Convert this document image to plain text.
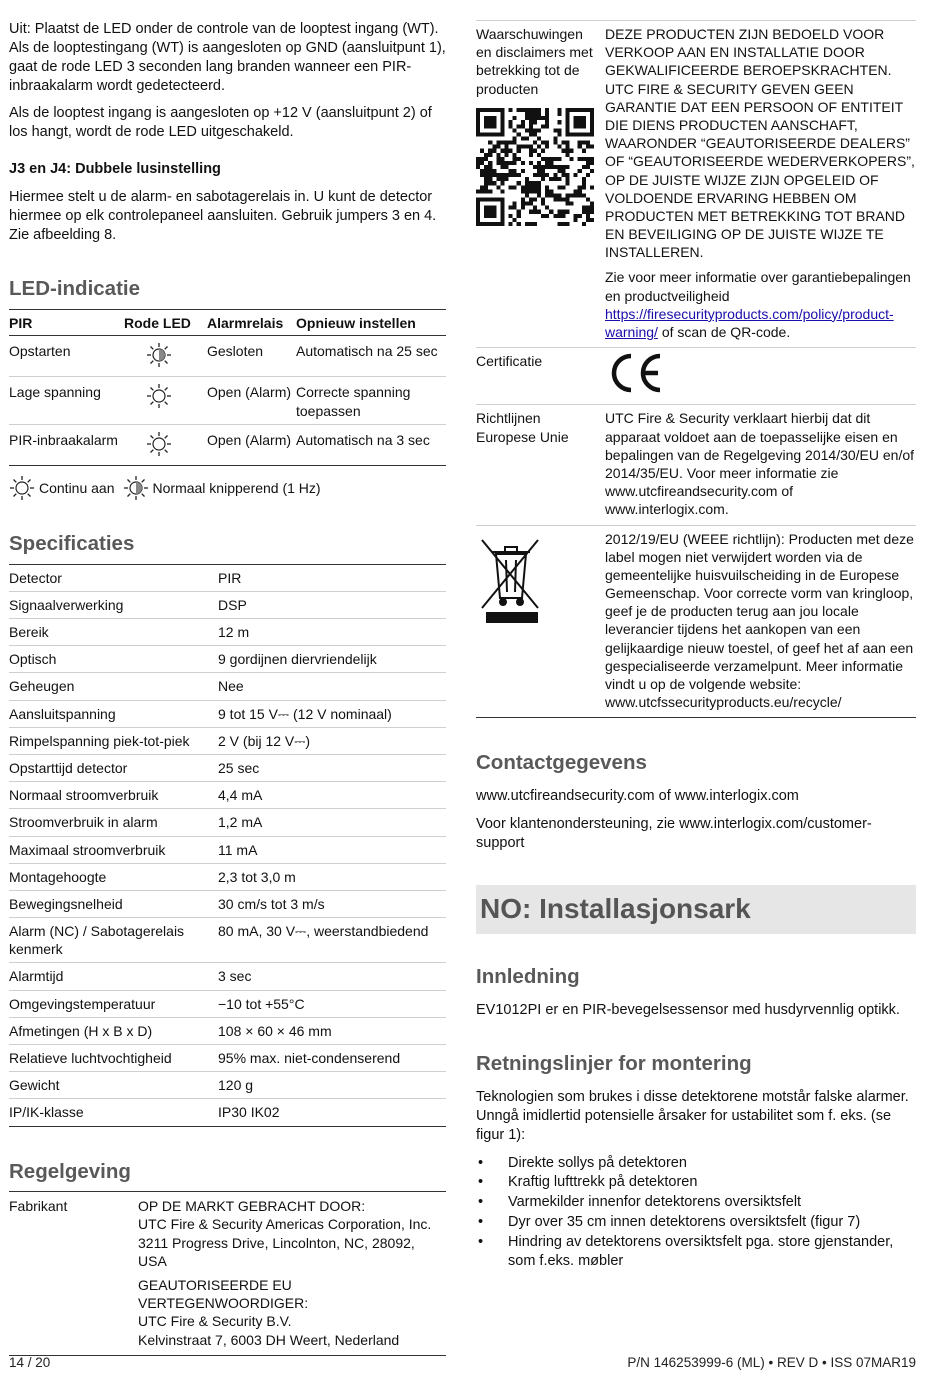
Uit: Plaatst de LED onder de controle van de looptest ingang (WT). Als de looptestingang (WT) is aangesloten op GND (aansluitpunt 1), gaat de rode LED 3 seconden lang branden wanneer een PIR-inbraakalarm wordt gedetecteerd.

Als de looptest ingang is aangesloten op +12 V (aansluitpunt 2) of los hangt, wordt de rode LED uitgeschakeld.

J3 en J4: Dubbele lusinstelling

Hiermee stelt u de alarm- en sabotagerelais in. U kunt de detector hiermee op elk controlepaneel aansluiten. Gebruik jumpers 3 en 4. Zie afbeelding 8.

LED-indicatie
PIR	Rode LED	Alarmrelais	Opnieuw instellen
Opstarten		Gesloten	Automatisch na 25 sec
Lage spanning		Open (Alarm)	Correcte spanning toepassen
PIR-inbraakalarm		Open (Alarm)	Automatisch na 3 sec
Continu aan	Normaal knipperend (1 Hz)
Specificaties
Detector	PIR
Signaalverwerking	DSP
Bereik	12 m
Optisch	9 gordijnen diervriendelijk
Geheugen	Nee
Aansluitspanning	9 tot 15 V⎓ (12 V nominaal)
Rimpelspanning piek-tot-piek	2 V (bij 12 V⎓)
Opstarttijd detector	25 sec
Normaal stroomverbruik	4,4 mA
Stroomverbruik in alarm	1,2 mA
Maximaal stroomverbruik	11 mA
Montagehoogte	2,3 tot 3,0 m
Bewegingsnelheid	30 cm/s tot 3 m/s
Alarm (NC) / Sabotagerelais kenmerk	80 mA, 30 V⎓, weerstandbiedend
Alarmtijd	3 sec
Omgevingstemperatuur	−10 tot +55°C
Afmetingen (H x B x D)	108 × 60 × 46 mm
Relatieve luchtvochtigheid	95% max. niet-condenserend
Gewicht	120 g
IP/IK-klasse	IP30 IK02
Regelgeving
Fabrikant	OP DE MARKT GEBRACHT DOOR:
UTC Fire & Security Americas Corporation, Inc.
3211 Progress Drive, Lincolnton, NC, 28092, USA
GEAUTORISEERDE EU
VERTEGENWOORDIGER:
UTC Fire & Security B.V.
Kelvinstraat 7, 6003 DH Weert, Nederland
Waarschuwingen en disclaimers met betrekking tot de producten	DEZE PRODUCTEN ZIJN BEDOELD VOOR VERKOOP AAN EN INSTALLATIE DOOR GEKWALIFICEERDE BEROEPSKRACHTEN. UTC FIRE & SECURITY GEVEN GEEN GARANTIE DAT EEN PERSOON OF ENTITEIT DIE DIENS PRODUCTEN AANSCHAFT, WAARONDER “GEAUTORISEERDE DEALERS” OF “GEAUTORISEERDE WEDERVERKOPERS”, OP DE JUISTE WIJZE ZIJN OPGELEID OF VOLDOENDE ERVARING HEBBEN OM PRODUCTEN MET BETREKKING TOT BRAND EN BEVEILIGING OP DE JUISTE WIJZE TE INSTALLEREN.
Zie voor meer informatie over garantiebepalingen en productveiligheid https://firesecurityproducts.com/policy/product-warning/ of scan de QR-code.

Certificatie	

Richtlijnen Europese Unie	UTC Fire & Security verklaart hierbij dat dit apparaat voldoet aan de toepasselijke eisen en bepalingen van de Regelgeving 2014/30/EU en/of 2014/35/EU. Voor meer informatie zie www.utcfireandsecurity.com of www.interlogix.com.
	2012/19/EU (WEEE richtlijn): Producten met deze label mogen niet verwijdert worden via de gemeentelijke huisvuilscheiding in de Europese Gemeenschap. Voor correcte vorm van kringloop, geef je de producten terug aan jou locale leverancier tijdens het aankopen van een gelijkaardige nieuw toestel, of geef het af aan een gespecialiseerde verzamelpunt. Meer informatie vindt u op de volgende website: www.utcfssecurityproducts.eu/recycle/
Contactgegevens

www.utcfireandsecurity.com of www.interlogix.com

Voor klantenondersteuning, zie www.interlogix.com/customer-support

NO: Installasjonsark
Innledning

EV1012PI er en PIR-bevegelsessensor med husdyrvennlig optikk.

Retningslinjer for montering

Teknologien som brukes i disse detektorene motstår falske alarmer. Unngå imidlertid potensielle årsaker for ustabilitet som f. eks. (se figur 1):

• Direkte sollys på detektoren
• Kraftig lufttrekk på detektoren
• Varmekilder innenfor detektorens oversiktsfelt
• Dyr over 35 cm innen detektorens oversiktsfelt (figur 7)
• Hindring av detektorens oversiktsfelt pga. store gjenstander, som f.eks. møbler
14 / 20	P/N 146253999-6 (ML) • REV D • ISS 07MAR19
